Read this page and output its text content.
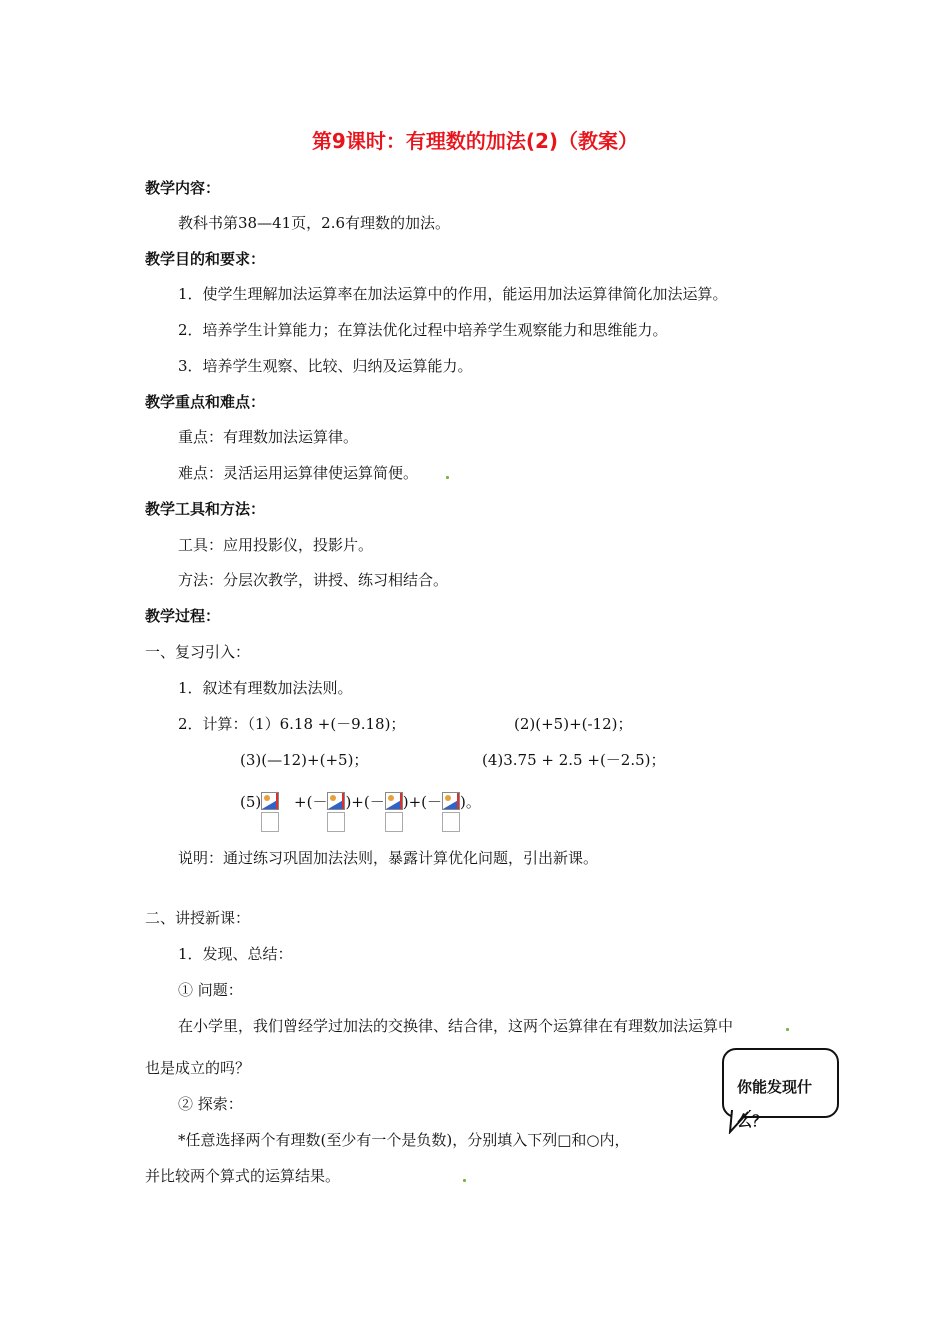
第9课时：有理数的加法(2)（教案）
教学内容：
教科书第38—41页，2.6有理数的加法。
教学目的和要求：
1．使学生理解加法运算率在加法运算中的作用，能运用加法运算律简化加法运算。
2．培养学生计算能力；在算法优化过程中培养学生观察能力和思维能力。
3．培养学生观察、比较、归纳及运算能力。
教学重点和难点：
重点：有理数加法运算律。
难点：灵活运用运算律使运算简便。
教学工具和方法：
工具：应用投影仪，投影片。
方法：分层次教学，讲授、练习相结合。
教学过程：
一、复习引入：
1．叙述有理数加法法则。
2．计算：（1）6.18 +(－9.18)；	(2)(+5)+(-12)；
(3)(—12)+(+5)；	(4)3.75 + 2.5 +(－2.5)；
(5)
+(－ )+(－ )+(－ )。
说明：通过练习巩固加法法则，暴露计算优化问题，引出新课。
二、讲授新课：
1．发现、总结：
① 问题：
在小学里，我们曾经学过加法的交换律、结合律，这两个运算律在有理数加法运算中
也是成立的吗？
② 探索：
*任意选择两个有理数(至少有一个是负数)，分别填入下列□和○内，
并比较两个算式的运算结果。
你能发现什么？
